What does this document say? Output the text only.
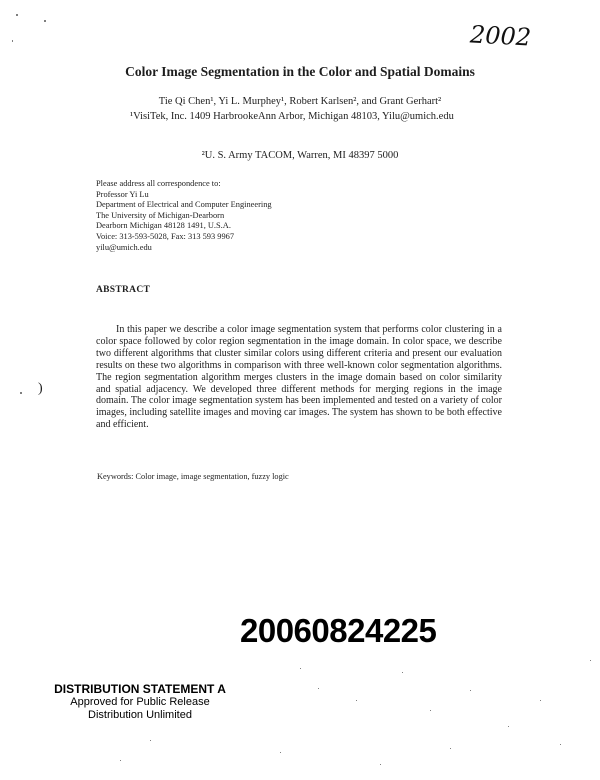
2002
Color Image Segmentation in the Color and Spatial Domains
Tie Qi Chen¹, Yi L. Murphey¹, Robert Karlsen², and Grant Gerhart²
¹VisiTek, Inc. 1409 HarbrookeAnn Arbor, Michigan 48103, Yilu@umich.edu
²U. S. Army TACOM, Warren, MI 48397 5000
Please address all correspondence to:
Professor Yi Lu
Department of Electrical and Computer Engineering
The University of Michigan-Dearborn
Dearborn Michigan 48128 1491, U.S.A.
Voice: 313-593-5028, Fax: 313 593 9967
yilu@umich.edu
ABSTRACT
In this paper we describe a color image segmentation system that performs color clustering in a color space followed by color region segmentation in the image domain. In color space, we describe two different algorithms that cluster similar colors using different criteria and present our evaluation results on these two algorithms in comparison with three well-known color segmentation algorithms. The region segmentation algorithm merges clusters in the image domain based on color similarity and spatial adjacency. We developed three different methods for merging regions in the image domain. The color image segmentation system has been implemented and tested on a variety of color images, including satellite images and moving car images. The system has shown to be both effective and efficient.
Keywords: Color image, image segmentation, fuzzy logic
)
20060824225
DISTRIBUTION STATEMENT A
Approved for Public Release
Distribution Unlimited
